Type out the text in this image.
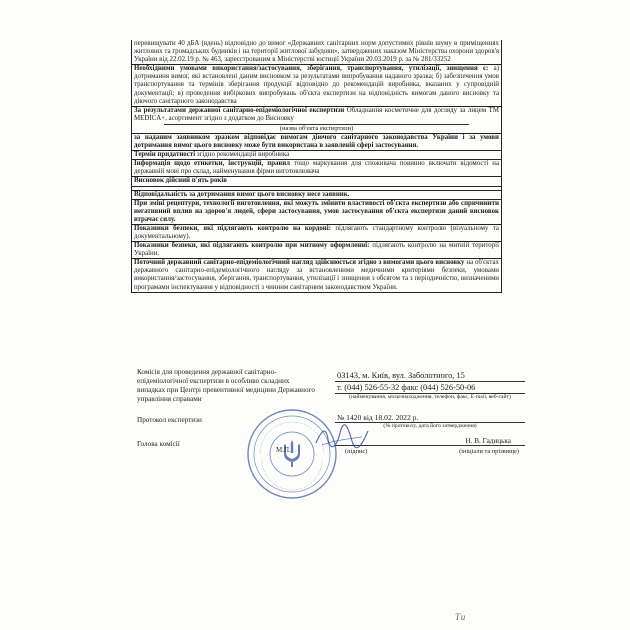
перевищувати 40 дБА (вдень) відповідно до вимог «Державних санітарних норм допустимих рівнів шуму в приміщеннях житлових та громадських будинків і на території житлової забудови», затверджених наказом Міністерства охорони здоров'я України від 22.02.19 р. № 463, зареєстрованим в Міністерстві юстиції України 20.03.2019 р. за № 281/33252
Необхідними умовами використання/застосування, зберігання, транспортування, утилізації, знищення є: а) дотримання вимог, які встановлені даним висновком за результатами випробування наданого зразка; б) забезпечення умов транспортування та термінів зберігання продукції відповідно до рекомендацій виробника, вказаних у супровідній документації; в) проведення вибіркових випробувань об'єкта експертизи на відповідність вимогам даного висновку та діючого санітарного законодавства
За результатами державної санітарно-епідеміологічної експертизи Обладнання косметичне для догляду за лицем TM MEDICA+, асортимент згідно з додатком до Висновку
(назва об'єкта експертизи)
за наданим заявником зразком відповідає вимогам діючого санітарного законодавства України і за умови дотримання вимог цього висновку може бути використана в заявленій сфері застосування.
Термін придатності згідно рекомендацій виробника
Інформація щодо етикетки, інструкцій, правил тощо маркування для споживача повинно включати відомості на державній мові про склад, найменування фірми виготовлювача
Висновок дійсний п'ять років
Відповідальність за дотримання вимог цього висновку несе заявник.
При зміні рецептури, технології виготовлення, які можуть змінити властивості об'єкта експертизи або спричинити негативний вплив на здоров'я людей, сфери застосування, умов застосування об'єкта експертизи даний висновок втрачає силу.
Показники безпеки, які підлягають контролю на кордоні: підлягають стандартному контролю (візуальному та документальному).
Показники безпеки, які підлягають контролю при митному оформленні: підлягають контролю на митній території України.
Поточний державний санітарно-епідеміологічний нагляд здійснюється згідно з вимогами цього висновку на об'єктах державного санітарно-епідеміологічного нагляду за встановленими медичними критеріями безпеки, умовами використання/застосування, зберігання, транспортування, утилізації і знищення з обсягом та з періодичністю, визначеними програмами інспектування у відповідності з чинним санітарним законодавством України.
Комісія для проведення державної санітарно-епідеміологічної експертизи в особливо складних випадках при Центрі превентивної медицини Державного управління справами
03143, м. Київ, вул. Заболотного, 15
т. (044) 526-55-32 факс (044) 526-50-06
(найменування, місцезнаходження, телефон, факс, E-mail, веб-сайт)
Протокол експертизи	№ 1420 від 18.02. 2022 р.
(№ протоколу, дата його затвердження)
Голова комісії	Н. В. Гадицька
(підпис)	(ініціали та прізвище)
М.П.
Ти
